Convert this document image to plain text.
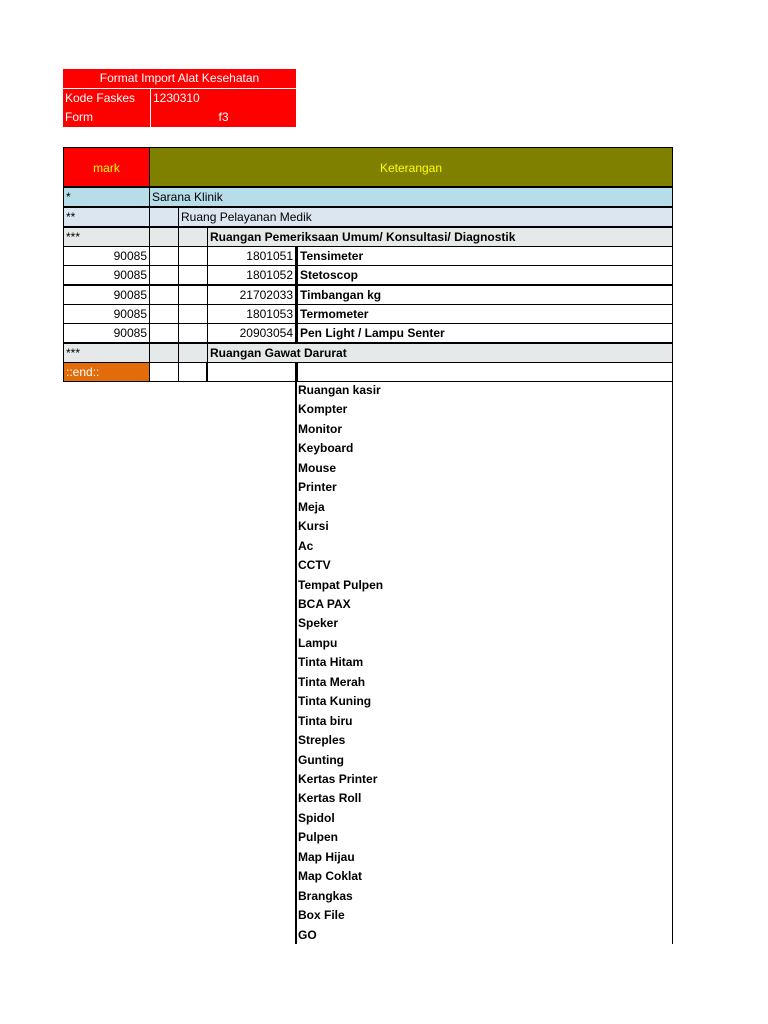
Format Import Alat Kesehatan
Kode Faskes	1230310
Form	f3
mark	Keterangan
*	Sarana Klinik
**	Ruang Pelayanan Medik
***	Ruangan Pemeriksaan Umum/ Konsultasi/ Diagnostik
90085	1801051 Tensimeter
90085	1801052 Stetoscop
90085	21702033 Timbangan kg
90085	1801053 Termometer
90085	20903054 Pen Light / Lampu Senter
***	Ruangan Gawat Darurat
::end::
Ruangan kasir
Kompter
Monitor
Keyboard
Mouse
Printer
Meja
Kursi
Ac
CCTV
Tempat Pulpen
BCA PAX
Speker
Lampu
Tinta Hitam
Tinta Merah
Tinta Kuning
Tinta biru
Streples
Gunting
Kertas Printer
Kertas Roll
Spidol
Pulpen
Map Hijau
Map Coklat
Brangkas
Box File
GO
